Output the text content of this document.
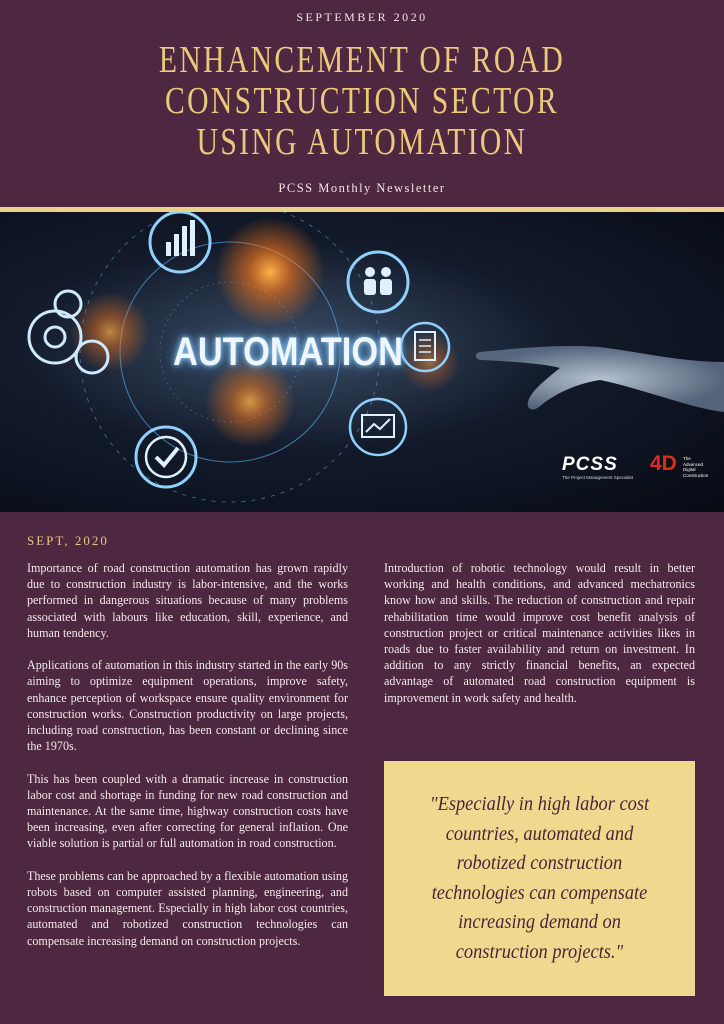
SEPTEMBER 2020
ENHANCEMENT OF ROAD
CONSTRUCTION SECTOR
USING AUTOMATION
PCSS Monthly Newsletter
AUTOMATION
PCSS 4D
The Project Management Specialist
The
Advanced
Digital
Construction
SEPT, 2020

Importance of road construction automation has grown rapidly due to construction industry is labor-intensive, and the works performed in dangerous situations because of many problems associated with labours like education, skill, experience, and human tendency.

Applications of automation in this industry started in the early 90s aiming to optimize equipment operations, improve safety, enhance perception of workspace ensure quality environment for construction works. Construction productivity on large projects, including road construction, has been constant or declining since the 1970s.

This has been coupled with a dramatic increase in construction labor cost and shortage in funding for new road construction and maintenance. At the same time, highway construction costs have been increasing, even after correcting for general inflation. One viable solution is partial or full automation in road construction.

These problems can be approached by a flexible automation using robots based on computer assisted planning, engineering, and construction management. Especially in high labor cost countries, automated and robotized construction technologies can compensate increasing demand on construction projects.

Introduction of robotic technology would result in better working and health conditions, and advanced mechatronics know how and skills. The reduction of construction and repair rehabilitation time would improve cost benefit analysis of construction project or critical maintenance activities likes in roads due to faster availability and return on investment. In addition to any strictly financial benefits, an expected advantage of automated road construction equipment is improvement in work safety and health.

"Especially in high labor cost countries, automated and robotized construction technologies can compensate increasing demand on construction projects."
